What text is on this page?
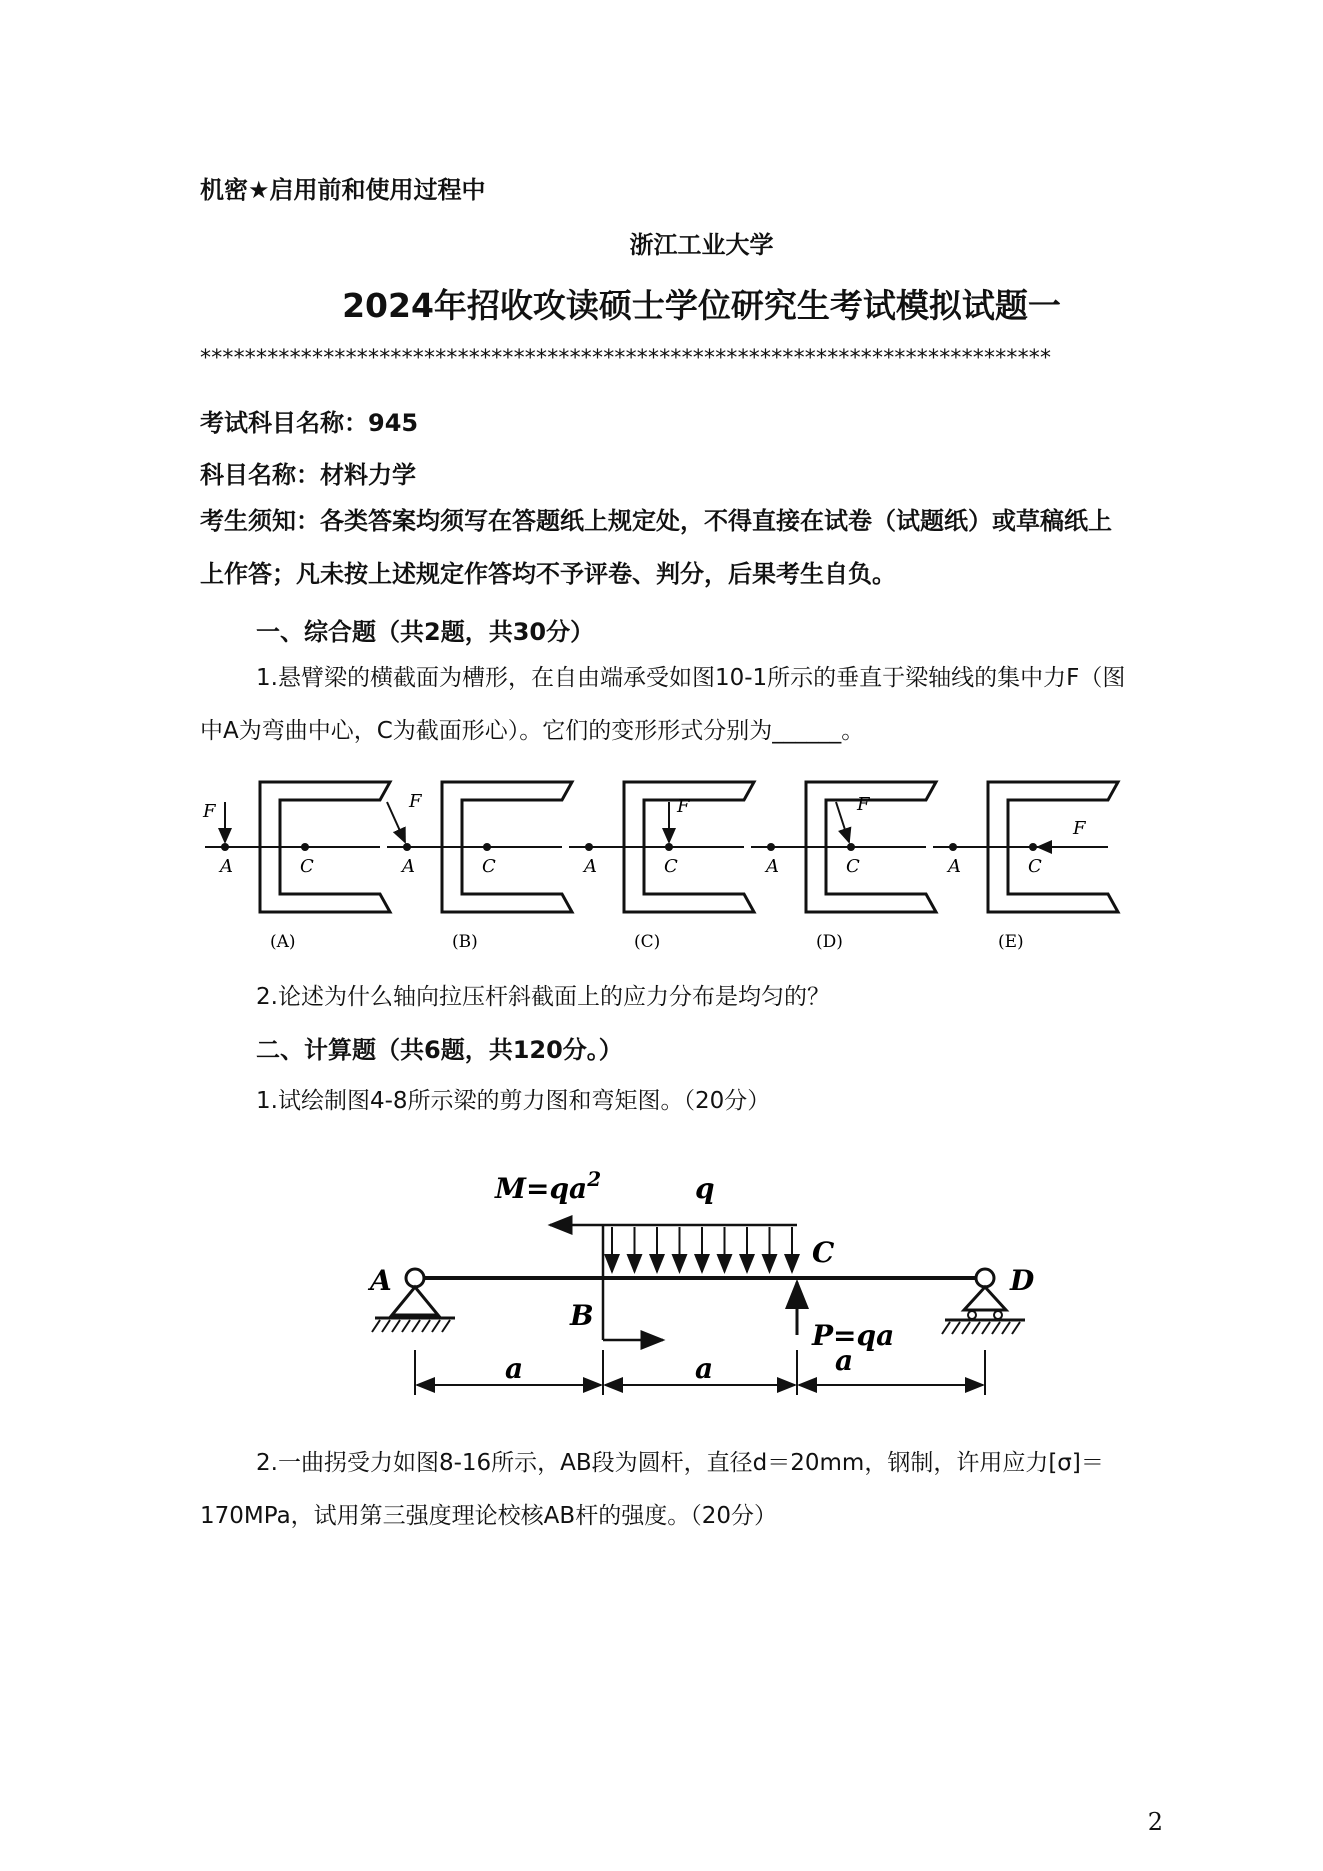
机密★启用前和使用过程中
浙江工业大学
2024年招收攻读硕士学位研究生考试模拟试题一
****************************************************************************
考试科目名称：945
科目名称：材料力学
考生须知：各类答案均须写在答题纸上规定处，不得直接在试卷（试题纸）或草稿纸上上作答；凡未按上述规定作答均不予评卷、判分，后果考生自负。
一、综合题（共2题，共30分）
1.悬臂梁的横截面为槽形，在自由端承受如图10-1所示的垂直于梁轴线的集中力F（图中A为弯曲中心，C为截面形心）。它们的变形形式分别为______。
A	C
F
(A)
A	C
F
(B)
A	C
F
(C)
A	C
F
(D)
A	C
F
(E)
2.论述为什么轴向拉压杆斜截面上的应力分布是均匀的？
二、计算题（共6题，共120分。）
1.试绘制图4-8所示梁的剪力图和弯矩图。（20分）
$M=qa^2$	q
A
B
C
D
P=qa
a	a	a
2.一曲拐受力如图8-16所示，AB段为圆杆，直径d＝20mm，钢制，许用应力[σ]＝170MPa，试用第三强度理论校核AB杆的强度。（20分）
2
